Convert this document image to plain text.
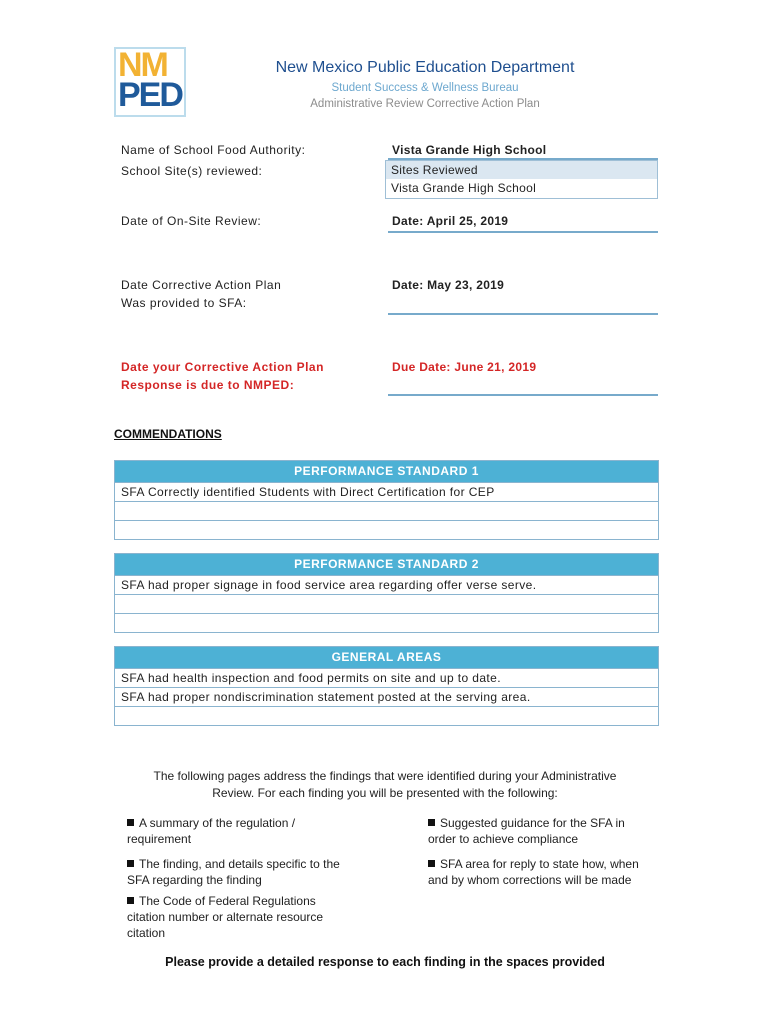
NM
PED
New Mexico Public Education Department
Student Success & Wellness Bureau
Administrative Review Corrective Action Plan
Name of School Food Authority:	Vista Grande High School
School Site(s) reviewed:	Sites Reviewed
Vista Grande High School
Date of On-Site Review:	Date: April 25, 2019
Date Corrective Action Plan
Was provided to SFA:
Date: May 23, 2019
Date your Corrective Action Plan
Response is due to NMPED:
Due Date: June 21, 2019
COMMENDATIONS
PERFORMANCE STANDARD 1
SFA Correctly identified Students with Direct Certification for CEP
PERFORMANCE STANDARD 2
SFA had proper signage in food service area regarding offer verse serve.
GENERAL AREAS
SFA had health inspection and food permits on site and up to date.
SFA had proper nondiscrimination statement posted at the serving area.
The following pages address the findings that were identified during your Administrative
Review. For each finding you will be presented with the following:
A summary of the regulation /
requirement
The finding, and details specific to the
SFA regarding the finding
The Code of Federal Regulations
citation number or alternate resource
citation
Suggested guidance for the SFA in
order to achieve compliance
SFA area for reply to state how, when
and by whom corrections will be made
Please provide a detailed response to each finding in the spaces provided
